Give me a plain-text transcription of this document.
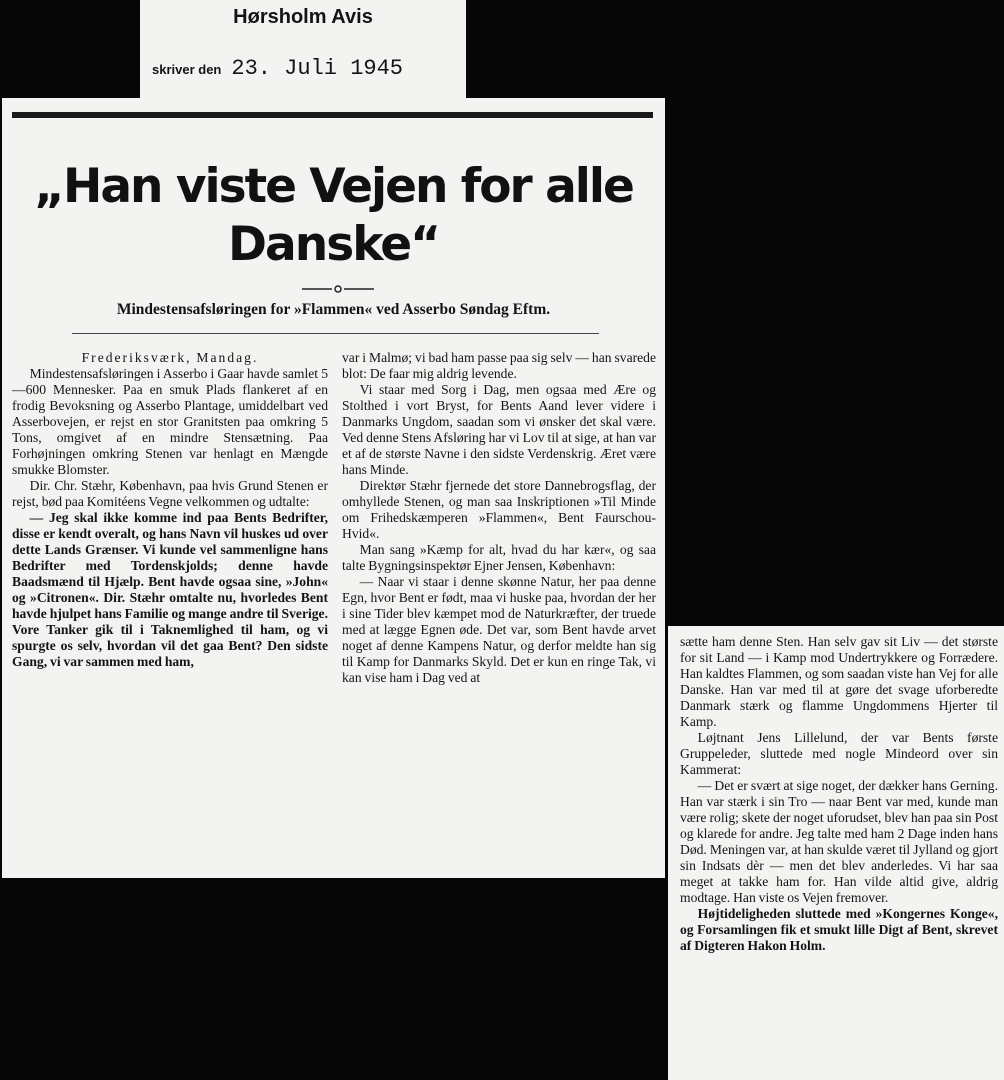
Hørsholm Avis
skriver den 23. Juli 1945
„Han viste Vejen for alle Danske“
Mindestensafsløringen for »Flammen« ved Asserbo Søndag Eftm.

Frederiksværk, Mandag.

Mindestensafsløringen i Asserbo i Gaar havde samlet 5—600 Mennesker. Paa en smuk Plads flankeret af en frodig Bevoksning og Asserbo Plantage, umiddelbart ved Asserbovejen, er rejst en stor Granitsten paa omkring 5 Tons, omgivet af en mindre Stensætning. Paa Forhøjningen omkring Stenen var henlagt en Mængde smukke Blomster.

Dir. Chr. Stæhr, København, paa hvis Grund Stenen er rejst, bød paa Komitéens Vegne velkommen og udtalte:

— Jeg skal ikke komme ind paa Bents Bedrifter, disse er kendt overalt, og hans Navn vil huskes ud over dette Lands Grænser. Vi kunde vel sammenligne hans Bedrifter med Tordenskjolds; denne havde Baadsmænd til Hjælp. Bent havde ogsaa sine, »John« og »Citronen«. Dir. Stæhr omtalte nu, hvorledes Bent havde hjulpet hans Familie og mange andre til Sverige. Vore Tanker gik til i Taknemlighed til ham, og vi spurgte os selv, hvordan vil det gaa Bent? Den sidste Gang, vi var sammen med ham,

var i Malmø; vi bad ham passe paa sig selv — han svarede blot: De faar mig aldrig levende.

Vi staar med Sorg i Dag, men ogsaa med Ære og Stolthed i vort Bryst, for Bents Aand lever videre i Danmarks Ungdom, saadan som vi ønsker det skal være. Ved denne Stens Afsløring har vi Lov til at sige, at han var et af de største Navne i den sidste Verdenskrig. Æret være hans Minde.

Direktør Stæhr fjernede det store Dannebrogsflag, der omhyllede Stenen, og man saa Inskriptionen »Til Minde om Frihedskæmperen »Flammen«, Bent Faurschou-Hvid«.

Man sang »Kæmp for alt, hvad du har kær«, og saa talte Bygningsinspektør Ejner Jensen, København:

— Naar vi staar i denne skønne Natur, her paa denne Egn, hvor Bent er født, maa vi huske paa, hvordan der her i sine Tider blev kæmpet mod de Naturkræfter, der truede med at lægge Egnen øde. Det var, som Bent havde arvet noget af denne Kampens Natur, og derfor meldte han sig til Kamp for Danmarks Skyld. Det er kun en ringe Tak, vi kan vise ham i Dag ved at

sætte ham denne Sten. Han selv gav sit Liv — det største for sit Land — i Kamp mod Undertrykkere og Forrædere. Han kaldtes Flammen, og som saadan viste han Vej for alle Danske. Han var med til at gøre det svage uforberedte Danmark stærk og flamme Ungdommens Hjerter til Kamp.

Løjtnant Jens Lillelund, der var Bents første Gruppeleder, sluttede med nogle Mindeord over sin Kammerat:

— Det er svært at sige noget, der dækker hans Gerning. Han var stærk i sin Tro — naar Bent var med, kunde man være rolig; skete der noget uforudset, blev han paa sin Post og klarede for andre. Jeg talte med ham 2 Dage inden hans Død. Meningen var, at han skulde været til Jylland og gjort sin Indsats dèr — men det blev anderledes. Vi har saa meget at takke ham for. Han vilde altid give, aldrig modtage. Han viste os Vejen fremover.

Højtideligheden sluttede med »Kongernes Konge«, og Forsamlingen fik et smukt lille Digt af Bent, skrevet af Digteren Hakon Holm.
